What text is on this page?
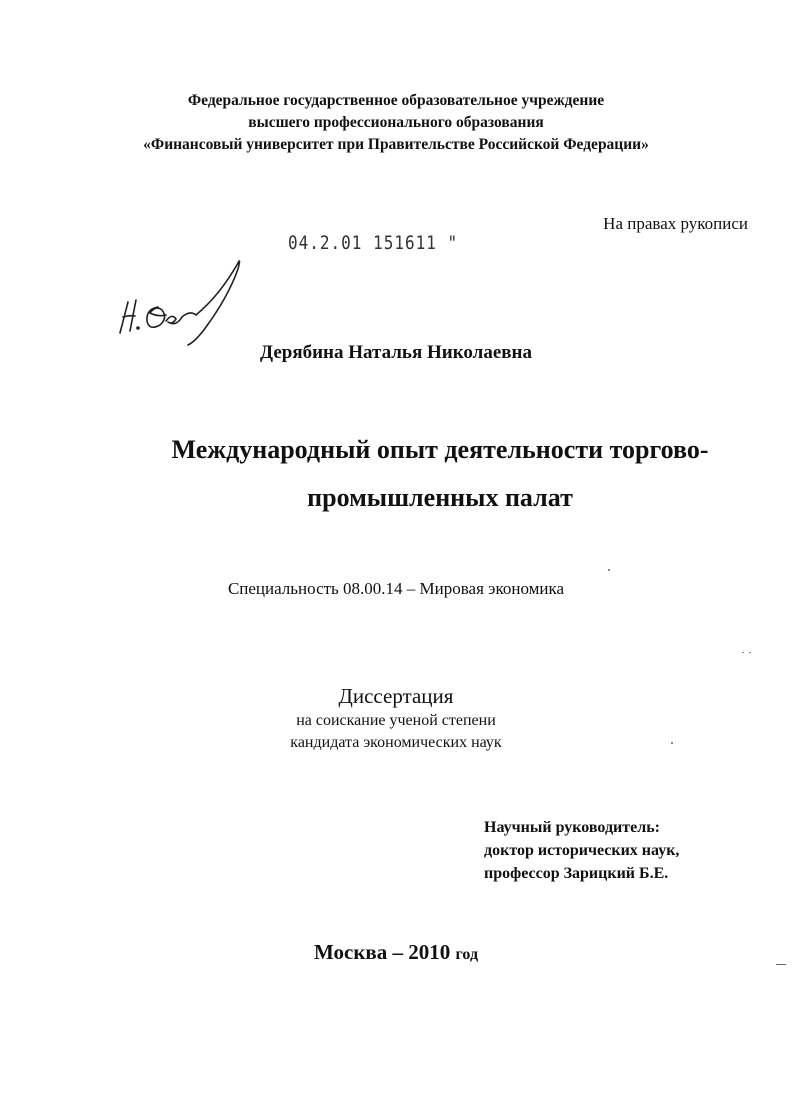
Федеральное государственное образовательное учреждение
высшего профессионального образования
«Финансовый университет при Правительстве Российской Федерации»
На правах рукописи
04.2.01 151611 "
Дерябина Наталья Николаевна
Международный опыт деятельности торгово-
промышленных палат
Специальность 08.00.14 – Мировая экономика
Диссертация
на соискание ученой степени
кандидата экономических наук
Научный руководитель:
доктор исторических наук,
профессор Зарицкий Б.Е.
Москва – 2010 год
